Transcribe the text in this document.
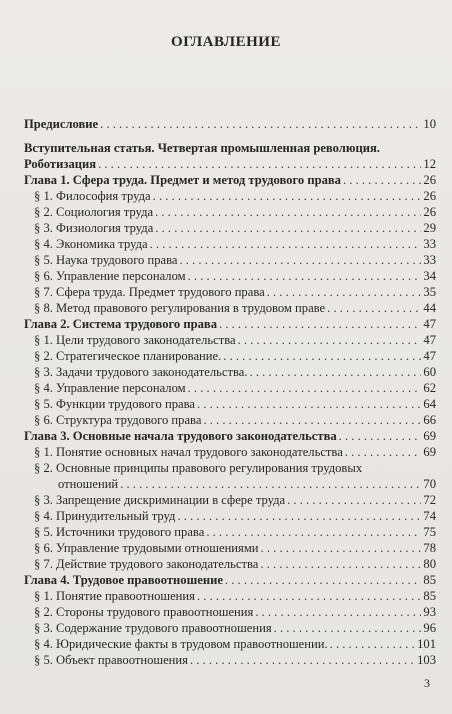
ОГЛАВЛЕНИЕ
Предисловие . . .	10
Вступительная статья. Четвертая промышленная революция.
Роботизация . . .	12
Глава 1. Сфера труда. Предмет и метод трудового права . . .	26
§ 1. Философия труда . . .	26
§ 2. Социология труда . . .	26
§ 3. Физиология труда . . .	29
§ 4. Экономика труда . . .	33
§ 5. Наука трудового права . . .	33
§ 6. Управление персоналом . . .	34
§ 7. Сфера труда. Предмет трудового права . . .	35
§ 8. Метод правового регулирования в трудовом праве . . .	44
Глава 2. Система трудового права . . .	47
§ 1. Цели трудового законодательства . . .	47
§ 2. Стратегическое планирование. . . .	47
§ 3. Задачи трудового законодательства. . . .	60
§ 4. Управление персоналом . . .	62
§ 5. Функции трудового права . . .	64
§ 6. Структура трудового права . . .	66
Глава 3. Основные начала трудового законодательства . . .	69
§ 1. Понятие основных начал трудового законодательства . . .	69
§ 2. Основные принципы правового регулирования трудовых
отношений . . .	70
§ 3. Запрещение дискриминации в сфере труда . . .	72
§ 4. Принудительный труд . . .	74
§ 5. Источники трудового права . . .	75
§ 6. Управление трудовыми отношениями . . .	78
§ 7. Действие трудового законодательства . . .	80
Глава 4. Трудовое правоотношение . . .	85
§ 1. Понятие правоотношения . . .	85
§ 2. Стороны трудового правоотношения . . .	93
§ 3. Содержание трудового правоотношения . . .	96
§ 4. Юридические факты в трудовом правоотношении. . . .	101
§ 5. Объект правоотношения . . .	103
3
